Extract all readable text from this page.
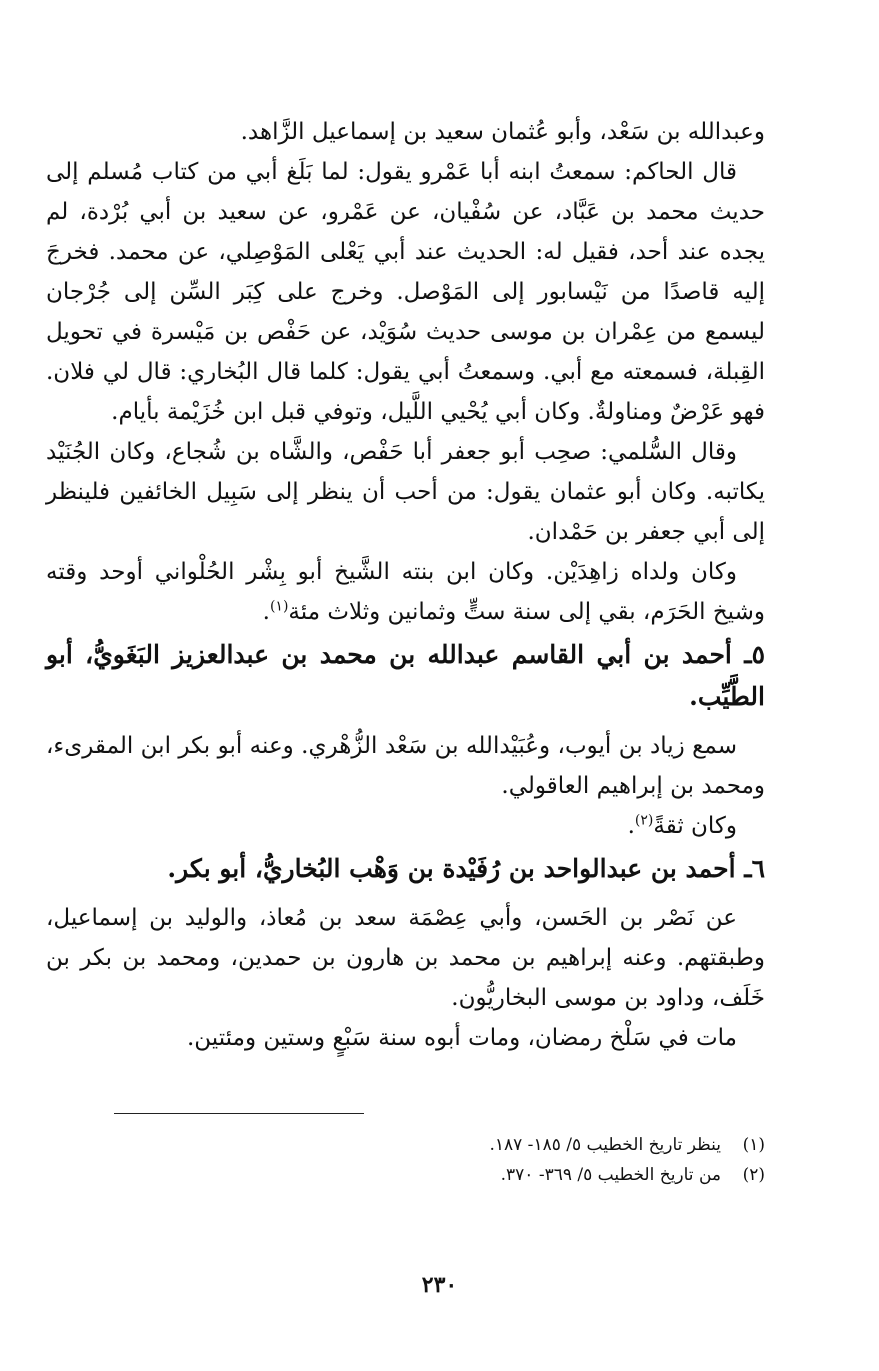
وعبدالله بن سَعْد، وأبو عُثمان سعيد بن إسماعيل الزَّاهد.

قال الحاكم: سمعتُ ابنه أبا عَمْرو يقول: لما بَلَغ أبي من كتاب مُسلم إلى حديث محمد بن عَبَّاد، عن سُفْيان، عن عَمْرو، عن سعيد بن أبي بُرْدة، لم يجده عند أحد، فقيل له: الحديث عند أبي يَعْلى المَوْصِلي، عن محمد. فخرجَ إليه قاصدًا من نَيْسابور إلى المَوْصل. وخرج على كِبَر السِّن إلى جُرْجان ليسمع من عِمْران بن موسى حديث سُوَيْد، عن حَفْص بن مَيْسرة في تحويل القِبلة، فسمعته مع أبي. وسمعتُ أبي يقول: كلما قال البُخاري: قال لي فلان. فهو عَرْضٌ ومناولةٌ. وكان أبي يُحْيي اللَّيل، وتوفي قبل ابن خُزَيْمة بأيام.

وقال السُّلمي: صحِب أبو جعفر أبا حَفْص، والشَّاه بن شُجاع، وكان الجُنَيْد يكاتبه. وكان أبو عثمان يقول: من أحب أن ينظر إلى سَبِيل الخائفين فلينظر إلى أبي جعفر بن حَمْدان.

وكان ولداه زاهِدَيْن. وكان ابن بنته الشَّيخ أبو بِشْر الحُلْواني أوحد وقته وشيخ الحَرَم، بقي إلى سنة ستٍّ وثمانين وثلاث مئة$^{(١)}$.

٥ـ أحمد بن أبي القاسم عبدالله بن محمد بن عبدالعزيز البَغَويُّ، أبو الطَّيِّب.

سمع زياد بن أيوب، وعُبَيْدالله بن سَعْد الزُّهْري. وعنه أبو بكر ابن المقرىء، ومحمد بن إبراهيم العاقولي.

وكان ثقةً$^{(٢)}$.

٦ـ أحمد بن عبدالواحد بن رُفَيْدة بن وَهْب البُخاريُّ، أبو بكر.

عن نَصْر بن الحَسن، وأبي عِصْمَة سعد بن مُعاذ، والوليد بن إسماعيل، وطبقتهم. وعنه إبراهيم بن محمد بن هارون بن حمدين، ومحمد بن بكر بن خَلَف، وداود بن موسى البخاريُّون.

مات في سَلْخ رمضان، ومات أبوه سنة سَبْعٍ وستين ومئتين.

(١)
ينظر تاريخ الخطيب ٥/ ١٨٥- ١٨٧.
(٢)
من تاريخ الخطيب ٥/ ٣٦٩- ٣٧٠.
٢٣٠
